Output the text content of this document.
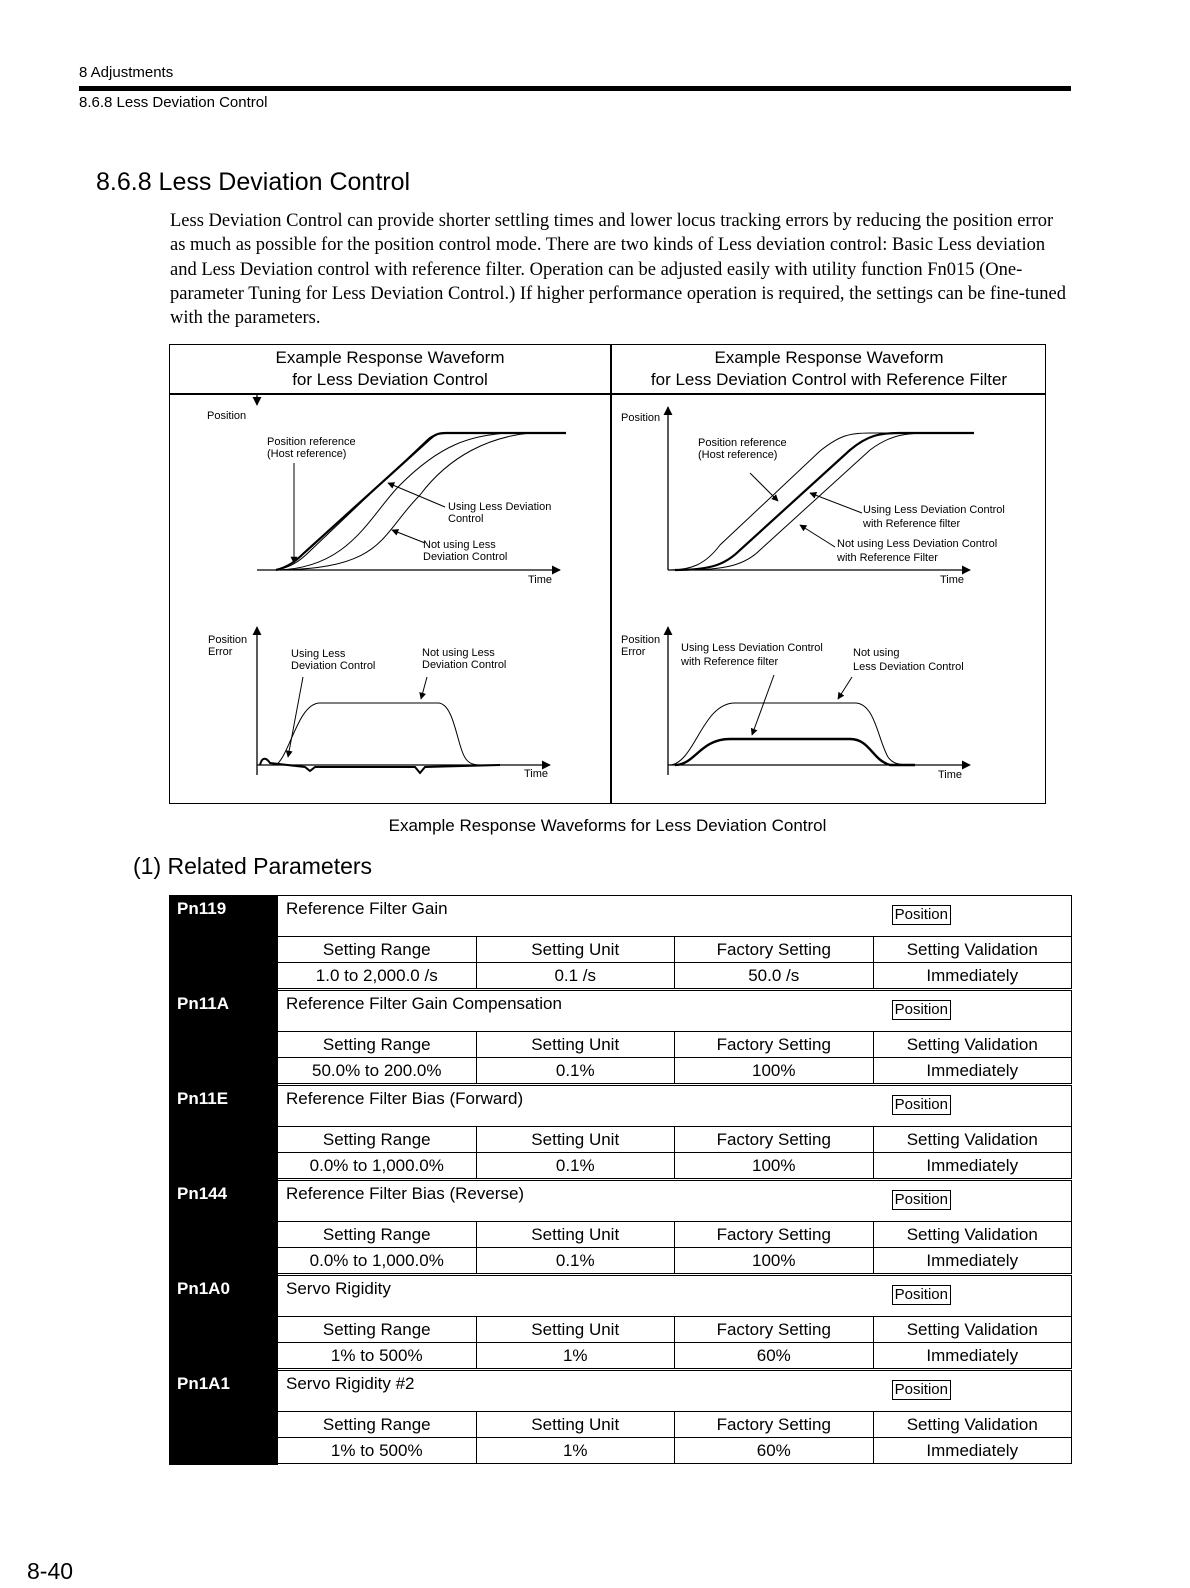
8 Adjustments
8.6.8 Less Deviation Control
8.6.8 Less Deviation Control
Less Deviation Control can provide shorter settling times and lower locus tracking errors by reducing the position error as much as possible for the position control mode. There are two kinds of Less deviation control: Basic Less deviation and Less Deviation control with reference filter. Operation can be adjusted easily with utility function Fn015 (One-parameter Tuning for Less Deviation Control.) If higher performance operation is required, the settings can be fine-tuned with the parameters.
Example Response Waveform
for Less Deviation Control
Example Response Waveform
for Less Deviation Control with Reference Filter
Position
Time
Position reference
(Host reference)
Using Less Deviation
Control
Not using Less
Deviation Control
Position
Error
Time
Using Less
Deviation Control
Not using Less
Deviation Control
Position
Time
Position reference
(Host reference)
Using Less Deviation Control
with Reference filter
Not using Less Deviation Control
with Reference Filter
Position
Error
Time
Using Less Deviation Control
with Reference filter
Not using
Less Deviation Control
Example Response Waveforms for Less Deviation Control
(1) Related Parameters
Pn119	Reference Filter Gain	Position
Setting Range	Setting Unit	Factory Setting	Setting Validation
1.0 to 2,000.0 /s	0.1 /s	50.0 /s	Immediately
Pn11A	Reference Filter Gain Compensation	Position
Setting Range	Setting Unit	Factory Setting	Setting Validation
50.0% to 200.0%	0.1%	100%	Immediately
Pn11E	Reference Filter Bias (Forward)	Position
Setting Range	Setting Unit	Factory Setting	Setting Validation
0.0% to 1,000.0%	0.1%	100%	Immediately
Pn144	Reference Filter Bias (Reverse)	Position
Setting Range	Setting Unit	Factory Setting	Setting Validation
0.0% to 1,000.0%	0.1%	100%	Immediately
Pn1A0	Servo Rigidity	Position
Setting Range	Setting Unit	Factory Setting	Setting Validation
1% to 500%	1%	60%	Immediately
Pn1A1	Servo Rigidity #2	Position
Setting Range	Setting Unit	Factory Setting	Setting Validation
1% to 500%	1%	60%	Immediately
8-40
